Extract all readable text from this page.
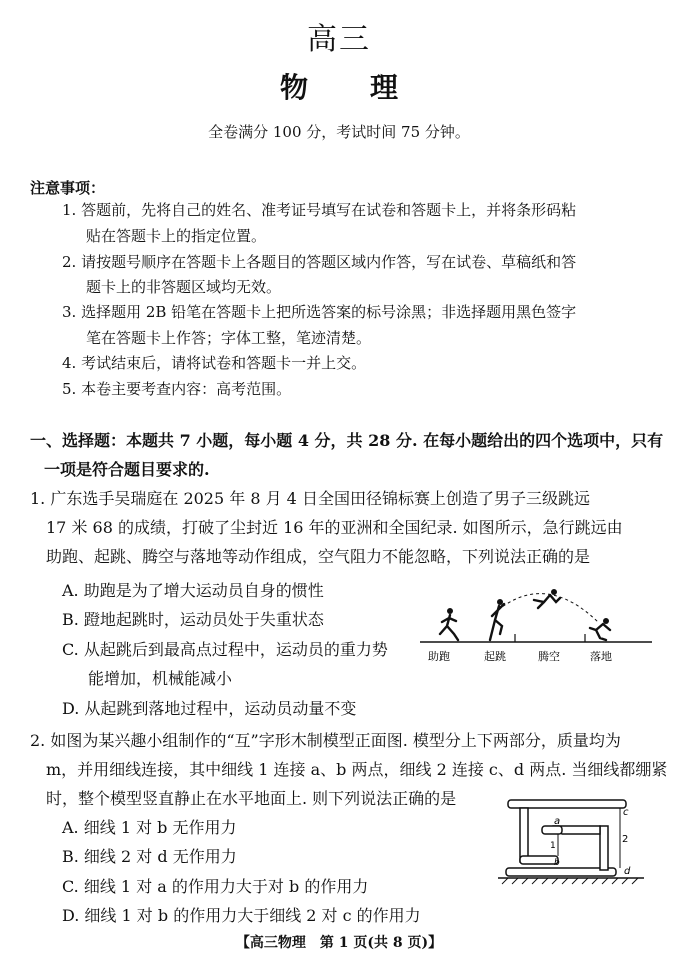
高三
物 理
全卷满分 100 分，考试时间 75 分钟。
注意事项：
1. 答题前，先将自己的姓名、准考证号填写在试卷和答题卡上，并将条形码粘
贴在答题卡上的指定位置。
2. 请按题号顺序在答题卡上各题目的答题区域内作答，写在试卷、草稿纸和答
题卡上的非答题区域均无效。
3. 选择题用 2B 铅笔在答题卡上把所选答案的标号涂黑；非选择题用黑色签字
笔在答题卡上作答；字体工整，笔迹清楚。
4. 考试结束后，请将试卷和答题卡一并上交。
5. 本卷主要考查内容：高考范围。
一、选择题：本题共 7 小题，每小题 4 分，共 28 分. 在每小题给出的四个选项中，只有
一项是符合题目要求的.
1. 广东选手吴瑞庭在 2025 年 8 月 4 日全国田径锦标赛上创造了男子三级跳远
17 米 68 的成绩，打破了尘封近 16 年的亚洲和全国纪录. 如图所示，急行跳远由
助跑、起跳、腾空与落地等动作组成，空气阻力不能忽略，下列说法正确的是
A. 助跑是为了增大运动员自身的惯性
B. 蹬地起跳时，运动员处于失重状态
C. 从起跳后到最高点过程中，运动员的重力势
能增加，机械能减小
D. 从起跳到落地过程中，运动员动量不变
助跑	起跳	腾空	落地
2. 如图为某兴趣小组制作的“互”字形木制模型正面图. 模型分上下两部分，质量均为
m，并用细线连接，其中细线 1 连接 a、b 两点，细线 2 连接 c、d 两点. 当细线都绷紧
时，整个模型竖直静止在水平地面上. 则下列说法正确的是
A. 细线 1 对 b 无作用力
B. 细线 2 对 d 无作用力
C. 细线 1 对 a 的作用力大于对 b 的作用力
D. 细线 1 对 b 的作用力大于细线 2 对 c 的作用力
a
1
b
c
2
d
【高三物理　第 1 页(共 8 页)】
